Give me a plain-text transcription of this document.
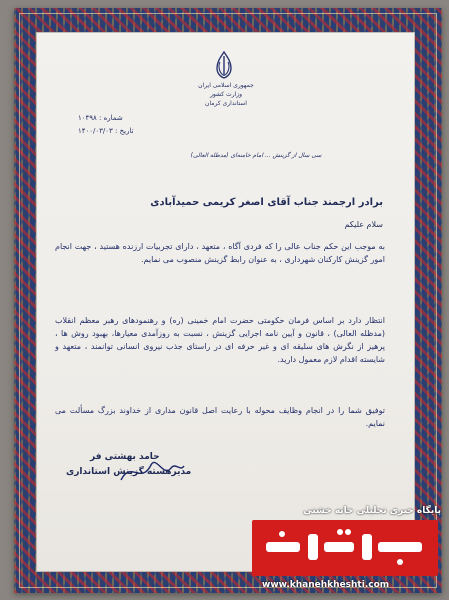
جمهوری اسلامی ایران
وزارت کشور
استانداری کرمان
شماره : ۱۰۴۹۸
تاریخ : ۱۴۰۰/۰۳/۰۳
سی سال از گزینش ... امام خامنه‌ای (مدظله العالی)
برادر ارجمند جناب آقای اصغر کریمی حمیدآبادی
سلام علیکم
به موجب این حکم جناب عالی را که فردی آگاه ، متعهد ، دارای تجربیات ارزنده هستید ، جهت انجام امور گزینش کارکنان شهرداری ، به عنوان رابط گزینش منصوب می نمایم.
انتظار دارد بر اساس فرمان حکومتی حضرت امام خمینی (ره) و رهنمودهای رهبر معظم انقلاب (مدظله العالی) ، قانون و آیین نامه اجرایی گزینش ، نسبت به روزآمدی معیارها، بهبود روش ها ، پرهیز از نگرش های سلیقه ای و غیر حرفه ای در راستای جذب نیروی انسانی توانمند ، متعهد و شایسته اقدام لازم معمول دارید.
توفیق شما را در انجام وظایف محوله با رعایت اصل قانون مداری از خداوند بزرگ مسألت می نمایم.
حامد بهشتی فر
مدیرهسته گزینش استانداری
پایگاه خبری تحلیلی خانه خشتی
www.khanehkheshti.com
